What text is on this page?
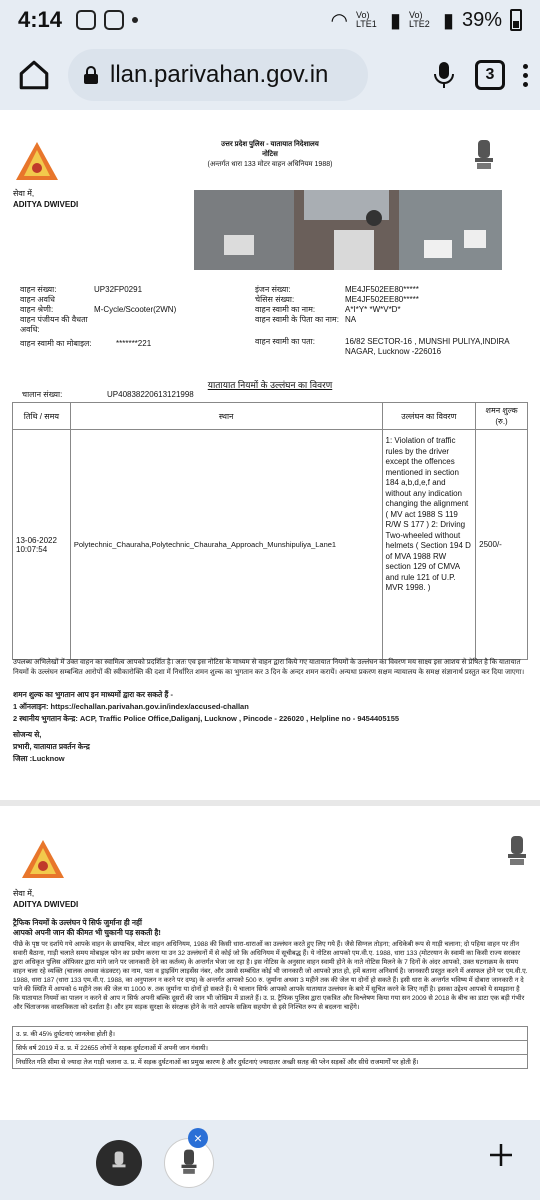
4:14	◠ Vo) LTE1 ▮ Vo) LTE2 ▮ 39%
llan.parivahan.gov.in	3
उत्तर प्रदेश पुलिस - यातायात निदेशालय
नोटिस
(अन्तर्गत धारा 133 मोटर वाहन अधिनियम 1988)
सेवा में,
ADITYA DWIVEDI
वाहन संख्या:	UP32FP0291
वाहन अवधि
वाहन श्रेणी:	M-Cycle/Scooter(2WN)
वाहन पंजीयन की वैधता अवधि:
वाहन स्वामी का मोबाइल:	*******221
इंजन संख्या:	ME4JF502EE80*****
चेसिस संख्या:	ME4JF502EE80*****
वाहन स्वामी का नाम:	A*I*Y* *W*V*D*
वाहन स्वामी के पिता का नाम: NA
वाहन स्वामी का पता:	16/82 SECTOR-16 , MUNSHI PULIYA,INDIRA NAGAR, Lucknow -226016
यातायात नियमों के उल्लंघन का विवरण
चालान संख्या:	UP40838220613121998
तिथि / समय	स्थान	उल्लंघन का विवरण	शमन शुल्क (रु.)
13-06-2022 10:07:54	Polytechnic_Chauraha,Polytechnic_Chauraha_Approach_Munshipuliya_Lane1	1: Violation of traffic rules by the driver except the offences mentioned in section 184 a,b,d,e,f and without any indication changing the alignment ( MV act 1988 S 119 R/W S 177 ) 2: Driving Two-wheeled without helmets ( Section 194 D of MVA 1988 RW section 129 of CMVA and rule 121 of U.P. MVR 1998. )	2500/-
उपलब्ध अभिलेखों में उक्त वाहन का स्वामित्व आपको प्रदर्शित है। अतः एव इस नोटिस के माध्यम से वाहन द्वारा किये गए यातायात नियमों के उल्लंघन का विवरण मय साक्ष्य इस आशय से प्रेषित है कि यातायात नियमों के उल्लंघन सम्बन्धित आरोपों की स्वीकारोक्ति की दशा में निर्धारित शमन शुल्क का भुगतान कर 3 दिन के अन्दर शमन करायें। अन्यथा प्रकरण सक्षम न्यायालय के समक्ष संज्ञानार्थ प्रस्तुत कर दिया जाएगा।
शमन शुल्क का भुगतान आप इन माध्यमों द्वारा कर सकते हैं -
1 ऑनलाइन: https://echallan.parivahan.gov.in/index/accused-challan
2 स्थानीय भुगतान केन्द्र: ACP, Traffic Police Office,Daliganj, Lucknow , Pincode - 226020 , Helpline no - 9454405155
सोजन्य से,
प्रभारी, यातायात प्रवर्तन केन्द्र
जिला :Lucknow
सेवा में,
ADITYA DWIVEDI
ट्रैफिक नियमों के उल्लंघन पे सिर्फ जुर्माना ही नहीं
आपको अपनी जान की कीमत भी चुकानी पड़ सकती है!
पीछे के पृष्ठ पर दर्शाये गये आपके वाहन के छायाचित्र, मोटर वाहन अधिनियम, 1988 की किसी धारा-धाराओं का उल्लंघन करते हुए लिए गये हैं। जैसे सिग्नल तोड़ना; अधिकेबी रूप से गाड़ी चलाना; दो पहिया वाहन पर तीन सवारी बैठाना, गाड़ी चलाते समय मोबाइल फोन का प्रयोग करना या उन 32 उल्लंघनों में से कोई जो कि अधिनियम में सूचीबद्ध हैं। ये नोटिस आपको एम.वी.ए. 1988, धारा 133 (मोटरयान के स्वामी का किसी राज्य सरकार द्वारा अधिकृत पुलिस ऑफिसर द्वारा मांगे जाने पर जानकारी देने का कर्तव्य) के अन्तर्गत भेजा जा रहा है। इस नोटिस के अनुसार वाहन स्वामी होने के नाते नोटिस मिलने के 7 दिनों के अंदर आपको, उक्त घटनाक्रम के समय वाहन चला रहे व्यक्ति (चालक अथवा कंडक्टर) का नाम, पता व ड्राइविंग लाइसेंस नंबर, और उससे सम्बंधित कोई भी जानकारी जो आपको ज्ञात हो, हमें बताना अनिवार्य है। जानकारी प्रस्तुत करने में असफल होने पर एम.वी.ए. 1988, धारा 187 (धारा 133 एम.वी.ए. 1988, का अनुपालन न करने पर दण्ड) के अन्तर्गत आपको 500 रु. जुर्माना अथवा 3 महीने तक की जेल या दोनों हो सकते हैं। इसी धारा के अन्तर्गत भविष्य में दोबारा जानकारी न दे पाने की स्थिति में आपको 6 महीने तक की जेल या 1000 रु. तक जुर्माना या दोनों हो सकते हैं। ये चालान सिर्फ आपको आपके यातायात उल्लंघन के बारे में सूचित करने के लिए नहीं है। इसका उद्देश्य आपको ये समझाना है कि यातायात नियमों का पालन न करने से आप न सिर्फ अपनी बल्कि दूसरों की जान भी जोखिम में डालते हैं। उ. प्र. ट्रैफिक पुलिस द्वारा एकत्रित और विश्लेषण किया गया सन 2009 से 2018 के बीच का डाटा एक बड़ी गंभीर और चिंताजनक वास्तविकता को दर्शाता है। और हम सड़क सुरक्षा के संरक्षक होने के नाते आपके सक्रिय सहयोग से इसे निश्चित रूप से बदलना चाहेंगे।
उ. प्र. की 45% दुर्घटनाएं जानलेवा होती है।
सिर्फ वर्ष 2019 में उ. प्र. में 22655 लोगों ने सड़क दुर्घटनाओं में अपनी जान गंवायी।
निर्धारित गति सीमा से ज्यादा तेज गाड़ी चलाना उ. प्र. में सड़क दुर्घटनाओं का प्रमुख कारण है और दुर्घटनाएं ज्यादातर अच्छी सतह की प्लेन सड़कों और सीधे राजमार्गों पर होती हैं।
×
